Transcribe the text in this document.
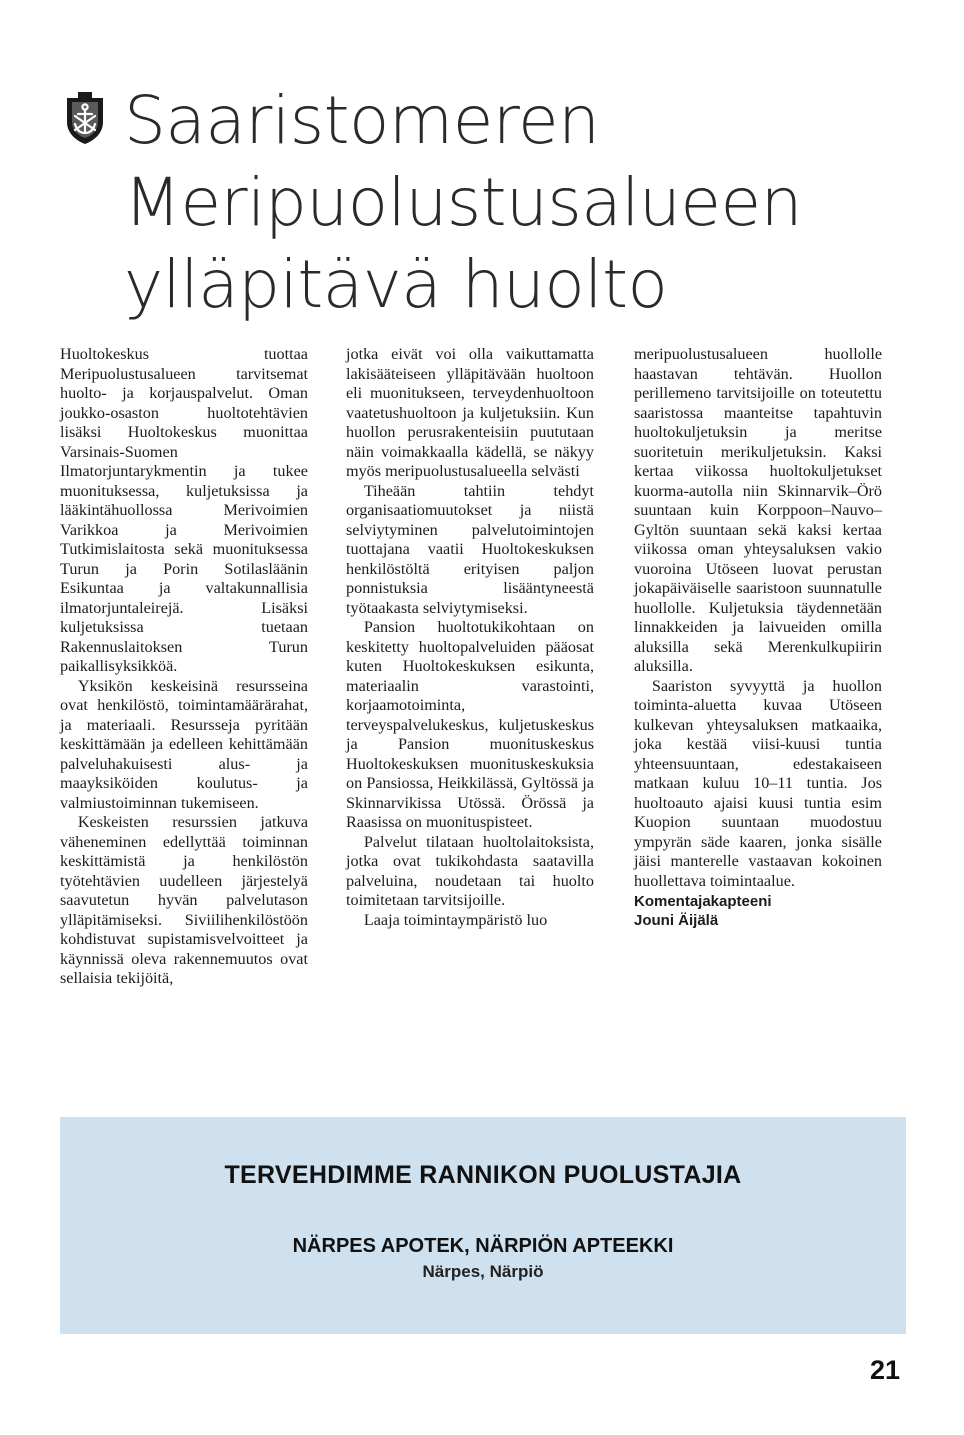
Saaristomeren
Meripuolustusalueen
ylläpitävä huolto

Huoltokeskus tuottaa Meripuolustusalueen tarvitsemat huolto- ja korjauspalvelut. Oman joukko-osaston huoltotehtävien lisäksi Huoltokeskus muonittaa Varsinais-Suomen Ilmatorjuntarykmentin ja tukee muonituksessa, kuljetuksissa ja lääkintähuollossa Merivoimien Varikkoa ja Merivoimien Tutkimislaitosta sekä muonituksessa Turun ja Porin Sotilasläänin Esikuntaa ja valtakunnallisia ilmatorjuntaleirejä. Lisäksi kuljetuksissa tuetaan Rakennuslaitoksen Turun paikallisyksikköä.

Yksikön keskeisinä resursseina ovat henkilöstö, toimintamäärärahat, ja materiaali. Resursseja pyritään keskittämään ja edelleen kehittämään palveluhakuisesti alus- ja maayksiköiden koulutus- ja valmiustoiminnan tukemiseen.

Keskeisten resurssien jatkuva väheneminen edellyttää toiminnan keskittämistä ja henkilöstön työtehtävien uudelleen järjestelyä saavutetun hyvän palvelutason ylläpitämiseksi. Siviilihenkilöstöön kohdistuvat supistamisvelvoitteet ja käynnissä oleva rakennemuutos ovat sellaisia tekijöitä,

jotka eivät voi olla vaikuttamatta lakisääteiseen ylläpitävään huoltoon eli muonitukseen, terveydenhuoltoon vaatetushuoltoon ja kuljetuksiin. Kun huollon perusrakenteisiin puututaan näin voimakkaalla kädellä, se näkyy myös meripuolustusalueella selvästi

Tiheään tahtiin tehdyt organisaatiomuutokset ja niistä selviytyminen palvelutoimintojen tuottajana vaatii Huoltokeskuksen henkilöstöltä erityisen paljon ponnistuksia lisääntyneestä työtaakasta selviytymiseksi.

Pansion huoltotukikohtaan on keskitetty huoltopalveluiden pääosat kuten Huoltokeskuksen esikunta, materiaalin varastointi, korjaamotoiminta, terveyspalvelukeskus, kuljetuskeskus ja Pansion muonituskeskus Huoltokeskuksen muonituskeskuksia on Pansiossa, Heikkilässä, Gyltössä ja Skinnarvikissa Utössä. Örössä ja Raasissa on muonituspisteet.

Palvelut tilataan huoltolaitoksista, jotka ovat tukikohdasta saatavilla palveluina, noudetaan tai huolto toimitetaan tarvitsijoille.

Laaja toimintaympäristö luo

meripuolustusalueen huollolle haastavan tehtävän. Huollon perillemeno tarvitsijoille on toteutettu saaristossa maanteitse tapahtuvin huoltokuljetuksin ja meritse suoritetuin merikuljetuksin. Kaksi kertaa viikossa huoltokuljetukset kuorma-autolla niin Skinnarvik–Örö suuntaan kuin Korppoon–Nauvo–Gyltön suuntaan sekä kaksi kertaa viikossa oman yhteysaluksen vakio vuoroina Utöseen luovat perustan jokapäiväiselle saaristoon suunnatulle huollolle. Kuljetuksia täydennetään linnakkeiden ja laivueiden omilla aluksilla sekä Merenkulkupiirin aluksilla.

Saariston syvyyttä ja huollon toiminta-aluetta kuvaa Utöseen kulkevan yhteysaluksen matkaaika, joka kestää viisi-kuusi tuntia yhteensuuntaan, edestakaiseen matkaan kuluu 10–11 tuntia. Jos huoltoauto ajaisi kuusi tuntia esim Kuopion suuntaan muodostuu ympyrän säde kaaren, jonka sisälle jäisi manterelle vastaavan kokoinen huollettava toimintaalue.

Komentajakapteeni
Jouni Äijälä
TERVEHDIMME RANNIKON PUOLUSTAJIA
NÄRPES APOTEK, NÄRPIÖN APTEEKKI
Närpes, Närpiö
21
